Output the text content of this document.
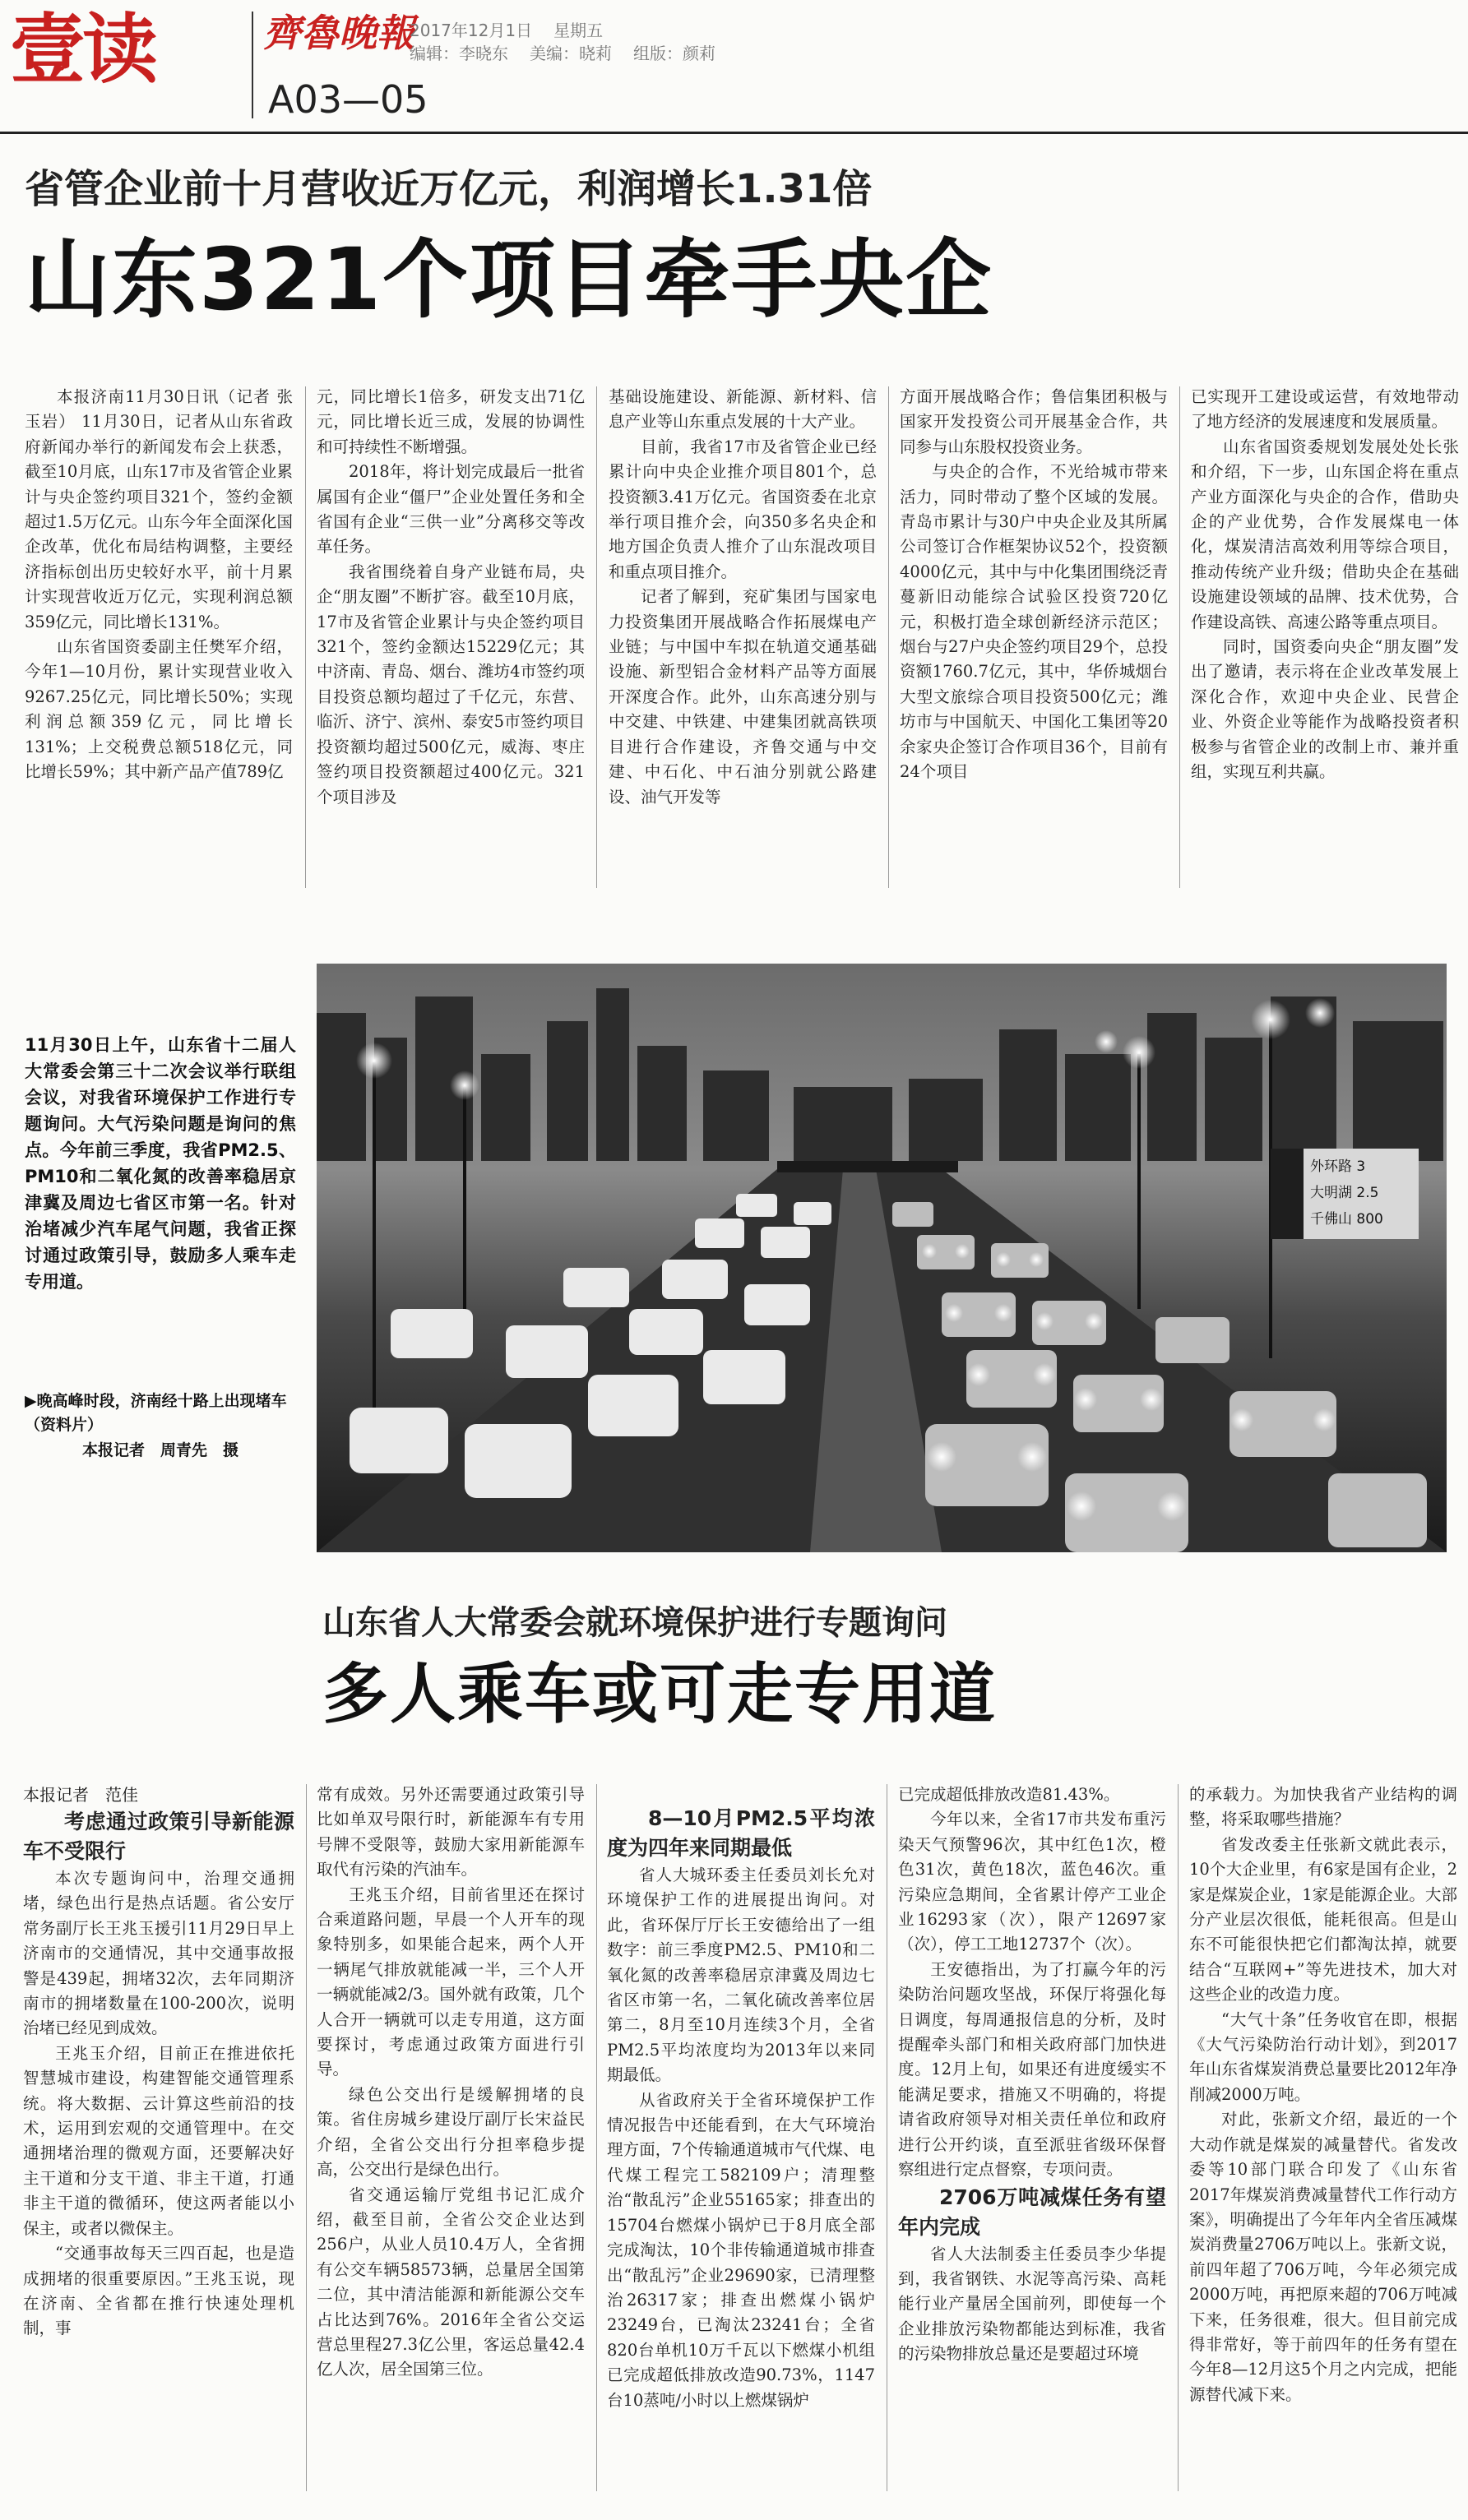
壹读	齊魯晚報
A03—05
2017年12月1日 星期五
编辑：李晓东 美编：晓莉 组版：颜莉
省管企业前十月营收近万亿元，利润增长1.31倍
山东321个项目牵手央企

本报济南11月30日讯（记者 张玉岩） 11月30日，记者从山东省政府新闻办举行的新闻发布会上获悉，截至10月底，山东17市及省管企业累计与央企签约项目321个，签约金额超过1.5万亿元。山东今年全面深化国企改革，优化布局结构调整，主要经济指标创出历史较好水平，前十月累计实现营收近万亿元，实现利润总额359亿元，同比增长131%。

山东省国资委副主任樊军介绍，今年1—10月份，累计实现营业收入9267.25亿元，同比增长50%；实现利润总额359亿元，同比增长131%；上交税费总额518亿元，同比增长59%；其中新产品产值789亿

元，同比增长1倍多，研发支出71亿元，同比增长近三成，发展的协调性和可持续性不断增强。

2018年，将计划完成最后一批省属国有企业“僵尸”企业处置任务和全省国有企业“三供一业”分离移交等改革任务。

我省围绕着自身产业链布局，央企“朋友圈”不断扩容。截至10月底，17市及省管企业累计与央企签约项目321个，签约金额达15229亿元；其中济南、青岛、烟台、潍坊4市签约项目投资总额均超过了千亿元，东营、临沂、济宁、滨州、泰安5市签约项目投资额均超过500亿元，威海、枣庄签约项目投资额超过400亿元。321个项目涉及

基础设施建设、新能源、新材料、信息产业等山东重点发展的十大产业。

目前，我省17市及省管企业已经累计向中央企业推介项目801个，总投资额3.41万亿元。省国资委在北京举行项目推介会，向350多名央企和地方国企负责人推介了山东混改项目和重点项目推介。

记者了解到，兖矿集团与国家电力投资集团开展战略合作拓展煤电产业链；与中国中车拟在轨道交通基础设施、新型铝合金材料产品等方面展开深度合作。此外，山东高速分别与中交建、中铁建、中建集团就高铁项目进行合作建设，齐鲁交通与中交建、中石化、中石油分别就公路建设、油气开发等

方面开展战略合作；鲁信集团积极与国家开发投资公司开展基金合作，共同参与山东股权投资业务。

与央企的合作，不光给城市带来活力，同时带动了整个区域的发展。青岛市累计与30户中央企业及其所属公司签订合作框架协议52个，投资额4000亿元，其中与中化集团围绕泛青蔓新旧动能综合试验区投资720亿元，积极打造全球创新经济示范区；烟台与27户央企签约项目29个，总投资额1760.7亿元，其中，华侨城烟台大型文旅综合项目投资500亿元；潍坊市与中国航天、中国化工集团等20余家央企签订合作项目36个，目前有24个项目

已实现开工建设或运营，有效地带动了地方经济的发展速度和发展质量。

山东省国资委规划发展处处长张和介绍，下一步，山东国企将在重点产业方面深化与央企的合作，借助央企的产业优势，合作发展煤电一体化，煤炭清洁高效利用等综合项目，推动传统产业升级；借助央企在基础设施建设领域的品牌、技术优势，合作建设高铁、高速公路等重点项目。

同时，国资委向央企“朋友圈”发出了邀请，表示将在企业改革发展上深化合作，欢迎中央企业、民营企业、外资企业等能作为战略投资者积极参与省管企业的改制上市、兼并重组，实现互利共赢。

11月30日上午，山东省十二届人大常委会第三十二次会议举行联组会议，对我省环境保护工作进行专题询问。大气污染问题是询问的焦点。今年前三季度，我省PM2.5、PM10和二氧化氮的改善率稳居京津冀及周边七省区市第一名。针对治堵减少汽车尾气问题，我省正探讨通过政策引导，鼓励多人乘车走专用道。
▶晚高峰时段，济南经十路上出现堵车（资料片）
本报记者　周青先　摄
外环路 3
大明湖 2.5
千佛山 800
山东省人大常委会就环境保护进行专题询问
多人乘车或可走专用道

本报记者　范佳

考虑通过政策引导新能源车不受限行

本次专题询问中，治理交通拥堵，绿色出行是热点话题。省公安厅常务副厅长王兆玉援引11月29日早上济南市的交通情况，其中交通事故报警是439起，拥堵32次，去年同期济南市的拥堵数量在100-200次，说明治堵已经见到成效。

王兆玉介绍，目前正在推进依托智慧城市建设，构建智能交通管理系统。将大数据、云计算这些前沿的技术，运用到宏观的交通管理中。在交通拥堵治理的微观方面，还要解决好主干道和分支干道、非主干道，打通非主干道的微循环，使这两者能以小保主，或者以微保主。

“交通事故每天三四百起，也是造成拥堵的很重要原因。”王兆玉说，现在济南、全省都在推行快速处理机制，事

常有成效。另外还需要通过政策引导比如单双号限行时，新能源车有专用号牌不受限等，鼓励大家用新能源车取代有污染的汽油车。

王兆玉介绍，目前省里还在探讨合乘道路问题，早晨一个人开车的现象特别多，如果能合起来，两个人开一辆尾气排放就能减一半，三个人开一辆就能减2/3。国外就有政策，几个人合开一辆就可以走专用道，这方面要探讨，考虑通过政策方面进行引导。

绿色公交出行是缓解拥堵的良策。省住房城乡建设厅副厅长宋益民介绍，全省公交出行分担率稳步提高，公交出行是绿色出行。

省交通运输厅党组书记汇成介绍，截至目前，全省公交企业达到256户，从业人员10.4万人，全省拥有公交车辆58573辆，总量居全国第二位，其中清洁能源和新能源公交车占比达到76%。2016年全省公交运营总里程27.3亿公里，客运总量42.4亿人次，居全国第三位。

8—10月PM2.5平均浓度为四年来同期最低

省人大城环委主任委员刘长允对环境保护工作的进展提出询问。对此，省环保厅厅长王安德给出了一组数字：前三季度PM2.5、PM10和二氧化氮的改善率稳居京津冀及周边七省区市第一名，二氧化硫改善率位居第二，8月至10月连续3个月，全省PM2.5平均浓度均为2013年以来同期最低。

从省政府关于全省环境保护工作情况报告中还能看到，在大气环境治理方面，7个传输通道城市气代煤、电代煤工程完工582109户；清理整治“散乱污”企业55165家；排查出的15704台燃煤小锅炉已于8月底全部完成淘汰，10个非传输通道城市排查出“散乱污”企业29690家，已清理整治26317家；排查出燃煤小锅炉23249台，已淘汰23241台；全省820台单机10万千瓦以下燃煤小机组已完成超低排放改造90.73%，1147台10蒸吨/小时以上燃煤锅炉

已完成超低排放改造81.43%。

今年以来，全省17市共发布重污染天气预警96次，其中红色1次，橙色31次，黄色18次，蓝色46次。重污染应急期间，全省累计停产工业企业16293家（次），限产12697家（次），停工工地12737个（次）。

王安德指出，为了打赢今年的污染防治问题攻坚战，环保厅将强化每日调度，每周通报信息的分析，及时提醒牵头部门和相关政府部门加快进度。12月上旬，如果还有进度缓实不能满足要求，措施又不明确的，将提请省政府领导对相关责任单位和政府进行公开约谈，直至派驻省级环保督察组进行定点督察，专项问责。

2706万吨减煤任务有望年内完成

省人大法制委主任委员李少华提到，我省钢铁、水泥等高污染、高耗能行业产量居全国前列，即使每一个企业排放污染物都能达到标准，我省的污染物排放总量还是要超过环境

的承载力。为加快我省产业结构的调整，将采取哪些措施？

省发改委主任张新文就此表示，10个大企业里，有6家是国有企业，2家是煤炭企业，1家是能源企业。大部分产业层次很低，能耗很高。但是山东不可能很快把它们都淘汰掉，就要结合“互联网+”等先进技术，加大对这些企业的改造力度。

“大气十条”任务收官在即，根据《大气污染防治行动计划》，到2017年山东省煤炭消费总量要比2012年净削减2000万吨。

对此，张新文介绍，最近的一个大动作就是煤炭的减量替代。省发改委等10部门联合印发了《山东省2017年煤炭消费减量替代工作行动方案》，明确提出了今年年内全省压减煤炭消费量2706万吨以上。张新文说，前四年超了706万吨，今年必须完成2000万吨，再把原来超的706万吨减下来，任务很难，很大。但目前完成得非常好，等于前四年的任务有望在今年8—12月这5个月之内完成，把能源替代减下来。
